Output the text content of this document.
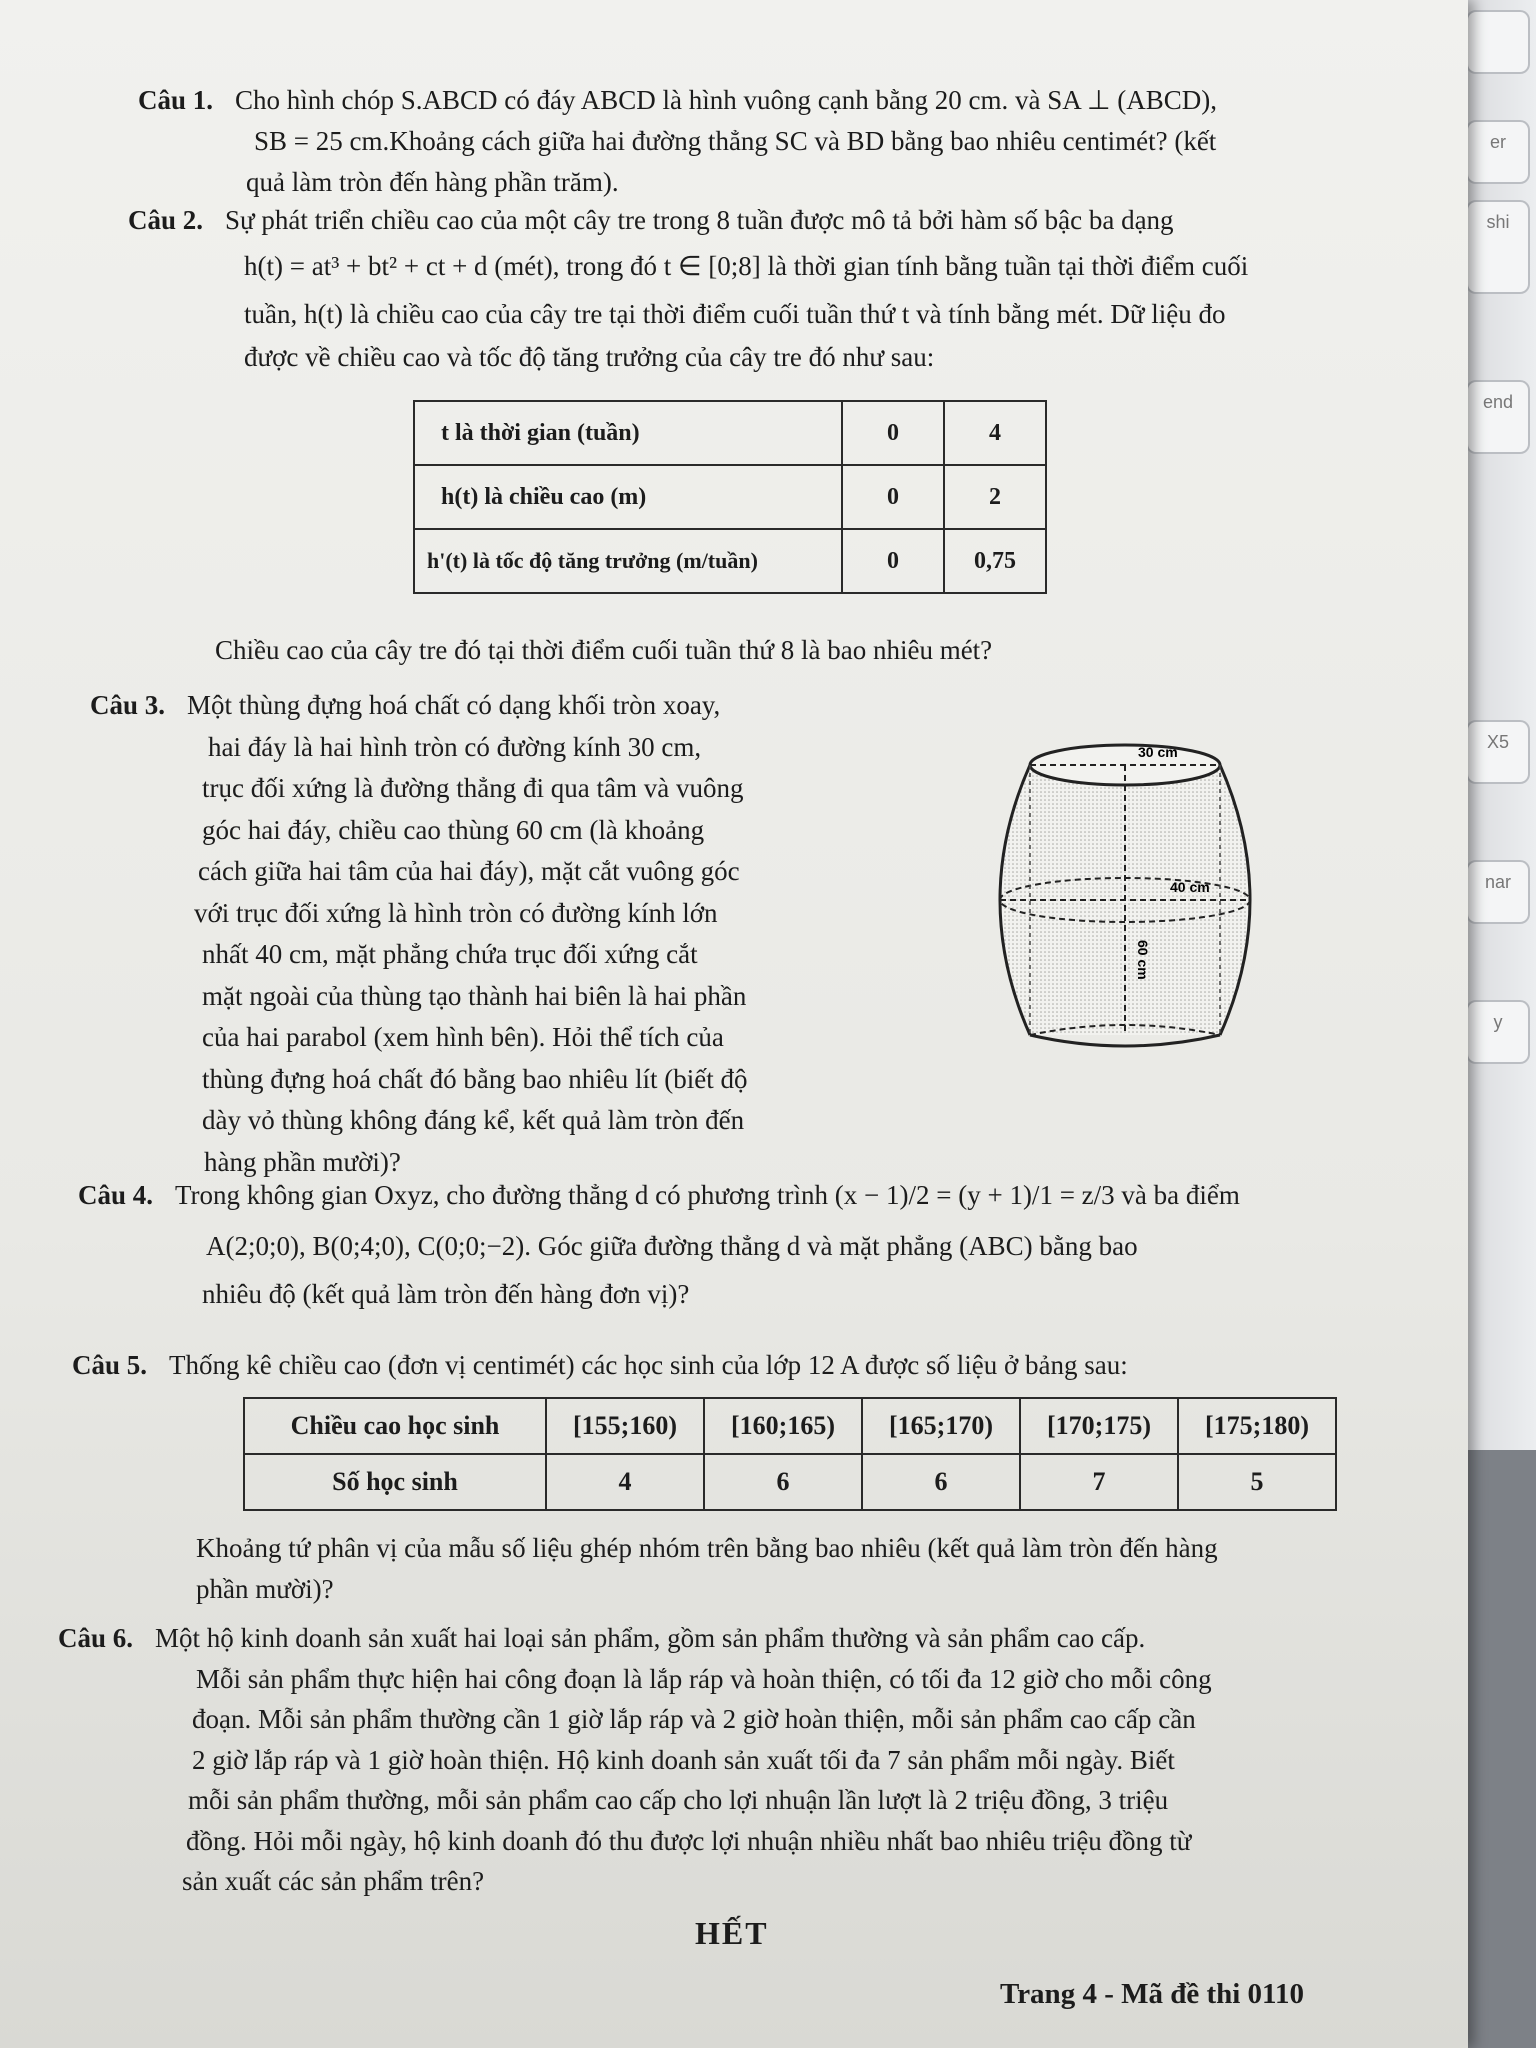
er
shi
end
X5
nar
y

Câu 1. Cho hình chóp S.ABCD có đáy ABCD là hình vuông cạnh bằng 20 cm. và SA ⊥ (ABCD),

SB = 25 cm.Khoảng cách giữa hai đường thẳng SC và BD bằng bao nhiêu centimét? (kết

quả làm tròn đến hàng phần trăm).

Câu 2. Sự phát triển chiều cao của một cây tre trong 8 tuần được mô tả bởi hàm số bậc ba dạng

h(t) = at³ + bt² + ct + d (mét), trong đó t ∈ [0;8] là thời gian tính bằng tuần tại thời điểm cuối

tuần, h(t) là chiều cao của cây tre tại thời điểm cuối tuần thứ t và tính bằng mét. Dữ liệu đo

được về chiều cao và tốc độ tăng trưởng của cây tre đó như sau:

t là thời gian (tuần)	0	4
h(t) là chiều cao (m)	0	2
h'(t) là tốc độ tăng trưởng (m/tuần)	0	0,75
Chiều cao của cây tre đó tại thời điểm cuối tuần thứ 8 là bao nhiêu mét?

Câu 3. Một thùng đựng hoá chất có dạng khối tròn xoay,

hai đáy là hai hình tròn có đường kính 30 cm,

trục đối xứng là đường thẳng đi qua tâm và vuông

góc hai đáy, chiều cao thùng 60 cm (là khoảng

cách giữa hai tâm của hai đáy), mặt cắt vuông góc

với trục đối xứng là hình tròn có đường kính lớn

nhất 40 cm, mặt phẳng chứa trục đối xứng cắt

mặt ngoài của thùng tạo thành hai biên là hai phần

của hai parabol (xem hình bên). Hỏi thể tích của

thùng đựng hoá chất đó bằng bao nhiêu lít (biết độ

dày vỏ thùng không đáng kể, kết quả làm tròn đến

hàng phần mười)?

30 cm
40 cm
60 cm

Câu 4. Trong không gian Oxyz, cho đường thẳng d có phương trình (x − 1)/2 = (y + 1)/1 = z/3 và ba điểm

A(2;0;0), B(0;4;0), C(0;0;−2). Góc giữa đường thẳng d và mặt phẳng (ABC) bằng bao

nhiêu độ (kết quả làm tròn đến hàng đơn vị)?

Câu 5. Thống kê chiều cao (đơn vị centimét) các học sinh của lớp 12 A được số liệu ở bảng sau:

Chiều cao học sinh	[155;160)	[160;165)	[165;170)	[170;175)	[175;180)
Số học sinh	4	6	6	7	5
Khoảng tứ phân vị của mẫu số liệu ghép nhóm trên bằng bao nhiêu (kết quả làm tròn đến hàng
phần mười)?

Câu 6. Một hộ kinh doanh sản xuất hai loại sản phẩm, gồm sản phẩm thường và sản phẩm cao cấp.

Mỗi sản phẩm thực hiện hai công đoạn là lắp ráp và hoàn thiện, có tối đa 12 giờ cho mỗi công

đoạn. Mỗi sản phẩm thường cần 1 giờ lắp ráp và 2 giờ hoàn thiện, mỗi sản phẩm cao cấp cần

2 giờ lắp ráp và 1 giờ hoàn thiện. Hộ kinh doanh sản xuất tối đa 7 sản phẩm mỗi ngày. Biết

mỗi sản phẩm thường, mỗi sản phẩm cao cấp cho lợi nhuận lần lượt là 2 triệu đồng, 3 triệu

đồng. Hỏi mỗi ngày, hộ kinh doanh đó thu được lợi nhuận nhiều nhất bao nhiêu triệu đồng từ

sản xuất các sản phẩm trên?

HẾT
Trang 4 - Mã đề thi 0110
